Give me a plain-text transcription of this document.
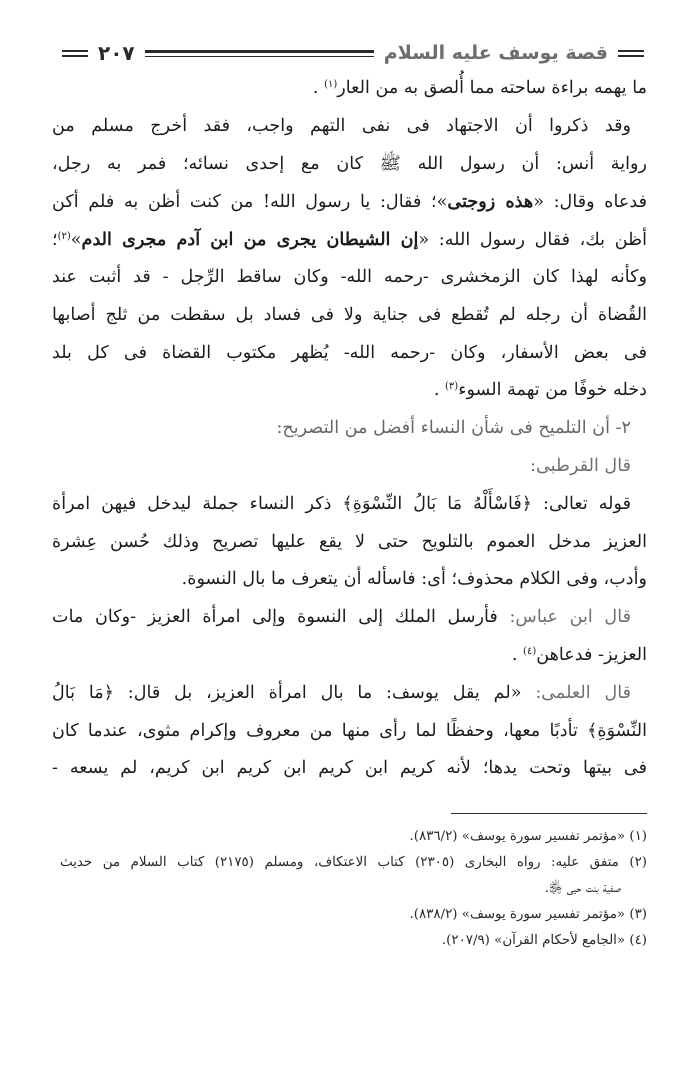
قصة يوسف عليه السلام
٢٠٧
ما يهمه براءة ساحته مما أُلصق به من العار$^{(١)}$ .
وقد ذكروا أن الاجتهاد فى نفى التهم واجب، فقد أخرج مسلم من
رواية أنس: أن رسول الله ﷺ كان مع إحدى نسائه؛ فمر به رجل،
فدعاه وقال: «هذه زوجتى»؛ فقال: يا رسول الله! من كنت أظن به فلم أكن
أظن بك، فقال رسول الله: «إن الشيطان يجرى من ابن آدم مجرى الدم»$^{(٢)}$؛
وكأنه لهذا كان الزمخشرى -رحمه الله- وكان ساقط الرِّجل - قد أثبت عند
القُضاة أن رجله لم تُقطع فى جناية ولا فى فساد بل سقطت من ثلج أصابها
فى بعض الأسفار، وكان -رحمه الله- يُظهر مكتوب القضاة فى كل بلد
دخله خوفًا من تهمة السوء$^{(٣)}$ .
٢- أن التلميح فى شأن النساء أفضل من التصريح:
قال القرطبى:
قوله تعالى: ﴿فَاسْأَلْهُ مَا بَالُ النِّسْوَةِ﴾ ذكر النساء جملة ليدخل فيهن امرأة
العزيز مدخل العموم بالتلويح حتى لا يقع عليها تصريح وذلك حُسن عِشرة
وأدب، وفى الكلام محذوف؛ أى: فاسأله أن يتعرف ما بال النسوة.
قال ابن عباس: فأرسل الملك إلى النسوة وإلى امرأة العزيز -وكان مات
العزيز- فدعاهن$^{(٤)}$ .
قال العلمى: «لم يقل يوسف: ما بال امرأة العزيز، بل قال: ﴿مَا بَالُ
النِّسْوَةِ﴾ تأدبًا معها، وحفظًا لما رأى منها من معروف وإكرام مثوى، عندما كان
فى بيتها وتحت يدها؛ لأنه كريم ابن كريم ابن كريم ابن كريم، لم يسعه -
(١) «مؤتمر تفسير سورة يوسف» (٨٣٦/٢).
(٢) متفق عليه: رواه البخارى (٢٣٠٥) كتاب الاعتكاف، ومسلم (٢١٧٥) كتاب السلام من حديث
صفية بنت حيى ﵂.
(٣) «مؤتمر تفسير سورة يوسف» (٨٣٨/٢).
(٤) «الجامع لأحكام القرآن» (٢٠٧/٩).
